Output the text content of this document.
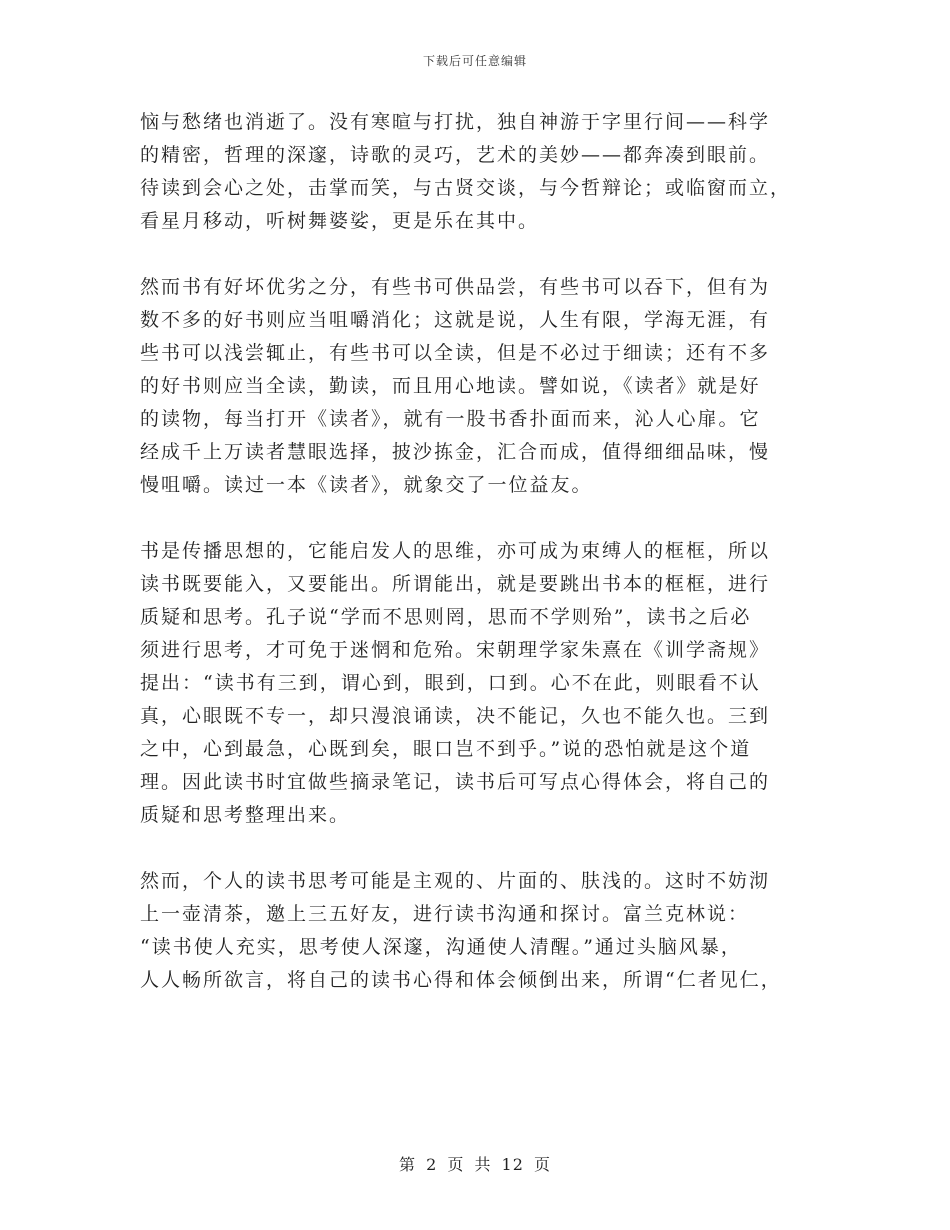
下载后可任意编辑
恼与愁绪也消逝了。没有寒暄与打扰，独自神游于字里行间——科学
的精密，哲理的深邃，诗歌的灵巧，艺术的美妙——都奔凑到眼前。
待读到会心之处，击掌而笑，与古贤交谈，与今哲辩论；或临窗而立，
看星月移动，听树舞婆娑，更是乐在其中。
然而书有好坏优劣之分，有些书可供品尝，有些书可以吞下，但有为
数不多的好书则应当咀嚼消化；这就是说，人生有限，学海无涯，有
些书可以浅尝辄止，有些书可以全读，但是不必过于细读；还有不多
的好书则应当全读，勤读，而且用心地读。譬如说，《读者》就是好
的读物，每当打开《读者》，就有一股书香扑面而来，沁人心扉。它
经成千上万读者慧眼选择，披沙拣金，汇合而成，值得细细品味，慢
慢咀嚼。读过一本《读者》，就象交了一位益友。
书是传播思想的，它能启发人的思维，亦可成为束缚人的框框，所以
读书既要能入，又要能出。所谓能出，就是要跳出书本的框框，进行
质疑和思考。孔子说“学而不思则罔，思而不学则殆”，读书之后必
须进行思考，才可免于迷惘和危殆。宋朝理学家朱熹在《训学斋规》
提出：“读书有三到，谓心到，眼到，口到。心不在此，则眼看不认
真，心眼既不专一，却只漫浪诵读，决不能记，久也不能久也。三到
之中，心到最急，心既到矣，眼口岂不到乎。”说的恐怕就是这个道
理。因此读书时宜做些摘录笔记，读书后可写点心得体会，将自己的
质疑和思考整理出来。
然而，个人的读书思考可能是主观的、片面的、肤浅的。这时不妨沏
上一壶清茶，邀上三五好友，进行读书沟通和探讨。富兰克林说：
“读书使人充实，思考使人深邃，沟通使人清醒。”通过头脑风暴，
人人畅所欲言，将自己的读书心得和体会倾倒出来，所谓“仁者见仁，
第 2 页 共 12 页
